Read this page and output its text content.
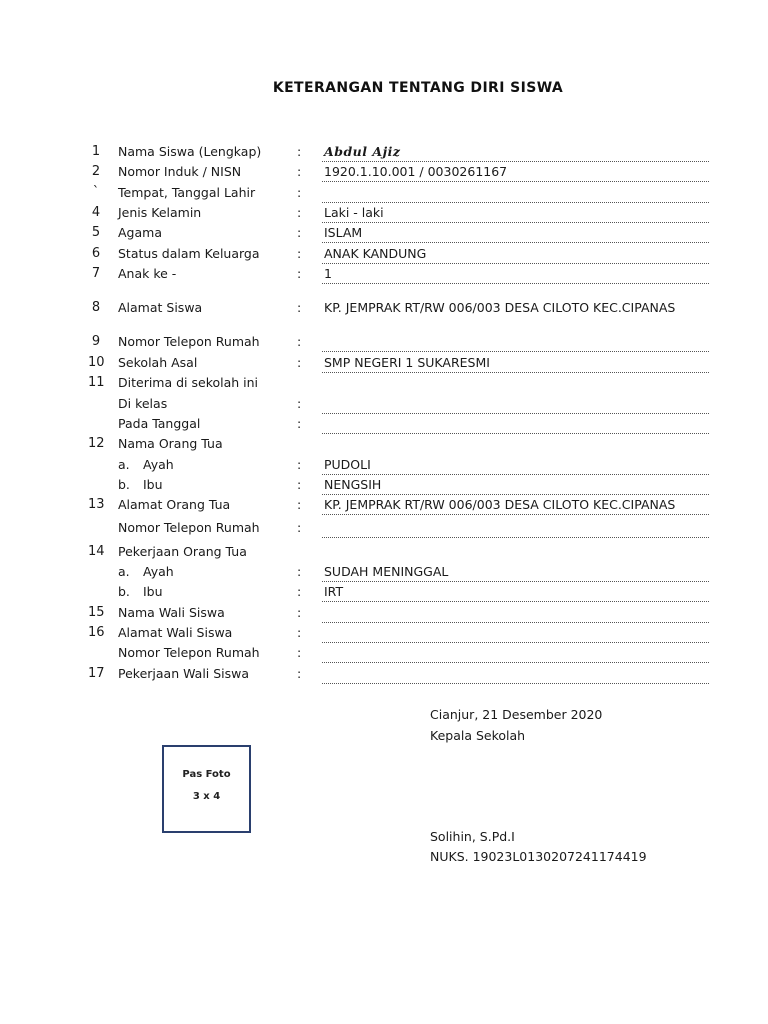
KETERANGAN TENTANG DIRI SISWA
1	Nama Siswa (Lengkap)	: Abdul Ajiz
2	Nomor Induk / NISN	: 1920.1.10.001 / 0030261167
`	Tempat, Tanggal Lahir	:
4	Jenis Kelamin	: Laki - laki
5	Agama	: ISLAM
6	Status dalam Keluarga	: ANAK KANDUNG
7	Anak ke -	: 1
8	Alamat Siswa	: KP. JEMPRAK RT/RW 006/003 DESA CILOTO KEC.CIPANAS
9	Nomor Telepon Rumah	:
10 Sekolah Asal	: SMP NEGERI 1 SUKARESMI
11 Diterima di sekolah ini
Di kelas	:
Pada Tanggal	:
12 Nama Orang Tua
a. Ayah	: PUDOLI
b. Ibu	: NENGSIH
13 Alamat Orang Tua	: KP. JEMPRAK RT/RW 006/003 DESA CILOTO KEC.CIPANAS
Nomor Telepon Rumah	:
14 Pekerjaan Orang Tua
a. Ayah	: SUDAH MENINGGAL
b. Ibu	: IRT
15 Nama Wali Siswa	:
16 Alamat Wali Siswa	:
Nomor Telepon Rumah	:
17 Pekerjaan Wali Siswa	:
Cianjur, 21 Desember 2020
Kepala Sekolah
Solihin, S.Pd.I
NUKS. 19023L0130207241174419
Pas Foto
3 x 4
